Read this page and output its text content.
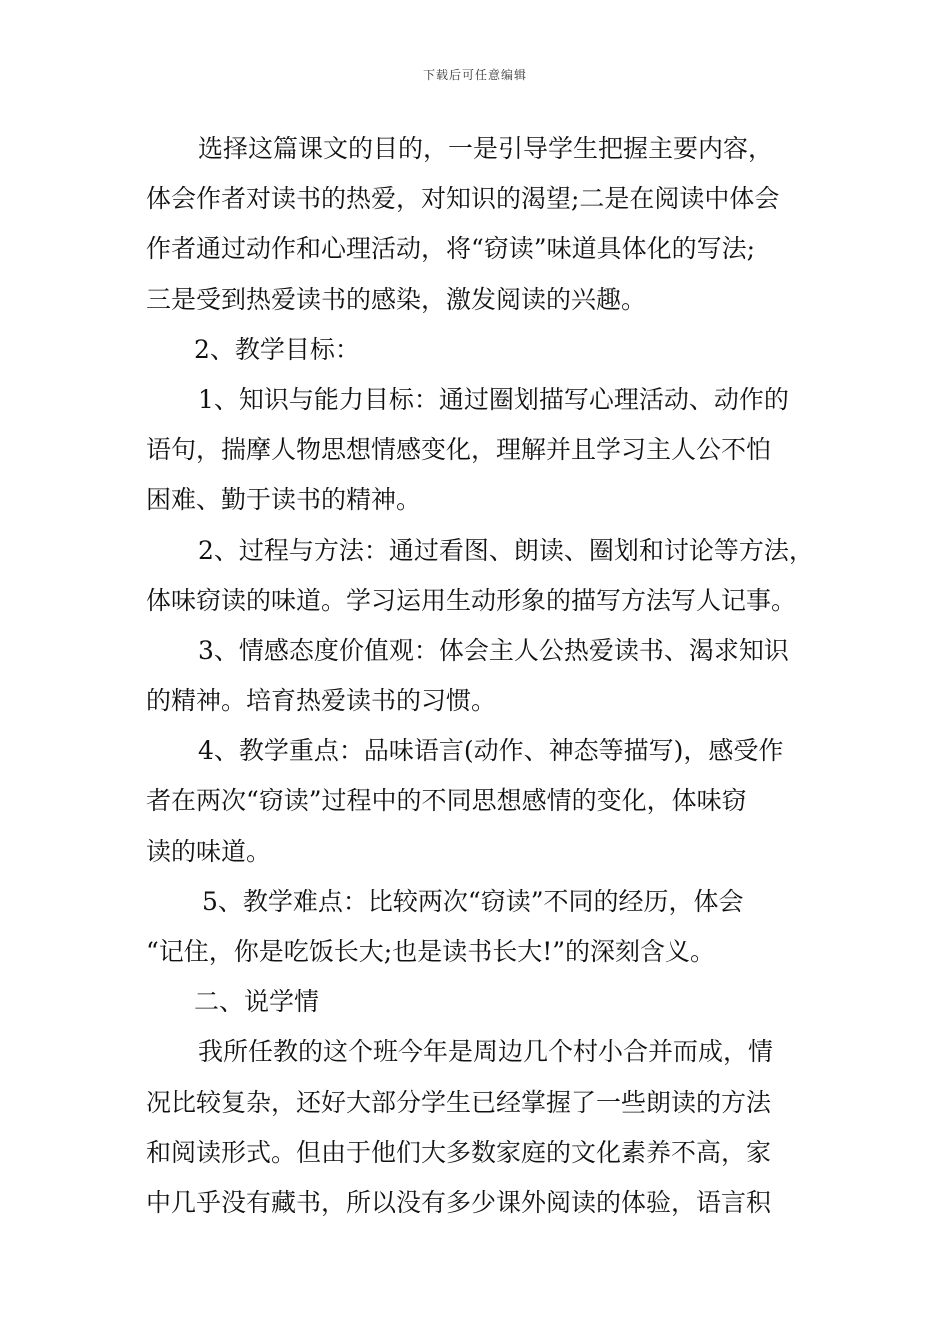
下载后可任意编辑
选择这篇课文的目的，一是引导学生把握主要内容，
体会作者对读书的热爱，对知识的渴望;二是在阅读中体会
作者通过动作和心理活动，将“窃读”味道具体化的写法;
三是受到热爱读书的感染，激发阅读的兴趣。
2、教学目标：
1、知识与能力目标：通过圈划描写心理活动、动作的
语句，揣摩人物思想情感变化，理解并且学习主人公不怕
困难、勤于读书的精神。
2、过程与方法：通过看图、朗读、圈划和讨论等方法，
体味窃读的味道。学习运用生动形象的描写方法写人记事。
3、情感态度价值观：体会主人公热爱读书、渴求知识
的精神。培育热爱读书的习惯。
4、教学重点：品味语言(动作、神态等描写)，感受作
者在两次“窃读”过程中的不同思想感情的变化，体味窃
读的味道。
5、教学难点：比较两次“窃读”不同的经历，体会
“记住，你是吃饭长大;也是读书长大!”的深刻含义。
二、说学情
我所任教的这个班今年是周边几个村小合并而成，情
况比较复杂，还好大部分学生已经掌握了一些朗读的方法
和阅读形式。但由于他们大多数家庭的文化素养不高，家
中几乎没有藏书，所以没有多少课外阅读的体验，语言积
